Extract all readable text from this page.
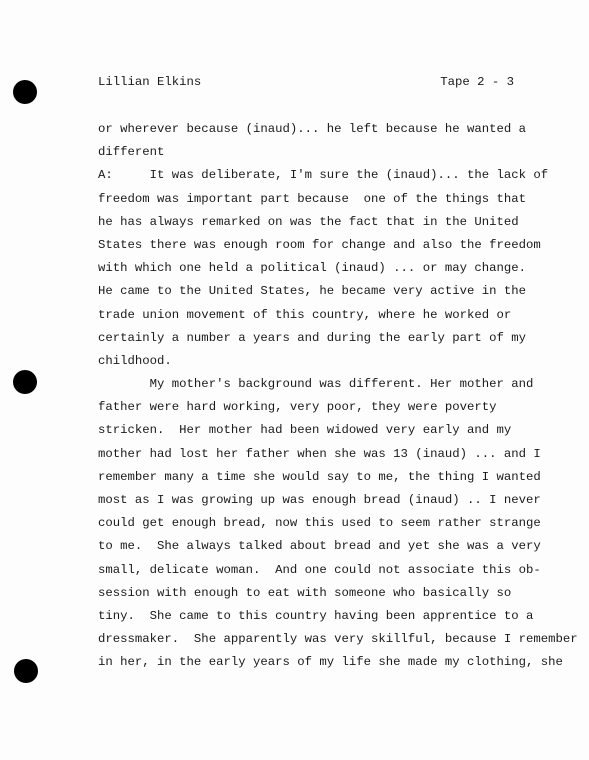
Lillian Elkins	Tape 2 - 3
or wherever because (inaud)... he left because he wanted a
different
A:     It was deliberate, I'm sure the (inaud)... the lack of
freedom was important part because  one of the things that
he has always remarked on was the fact that in the United
States there was enough room for change and also the freedom
with which one held a political (inaud) ... or may change.
He came to the United States, he became very active in the
trade union movement of this country, where he worked or
certainly a number a years and during the early part of my
childhood.
My mother's background was different. Her mother and
father were hard working, very poor, they were poverty
stricken.  Her mother had been widowed very early and my
mother had lost her father when she was 13 (inaud) ... and I
remember many a time she would say to me, the thing I wanted
most as I was growing up was enough bread (inaud) .. I never
could get enough bread, now this used to seem rather strange
to me.  She always talked about bread and yet she was a very
small, delicate woman.  And one could not associate this ob-
session with enough to eat with someone who basically so
tiny.  She came to this country having been apprentice to a
dressmaker.  She apparently was very skillful, because I remember
in her, in the early years of my life she made my clothing, she
